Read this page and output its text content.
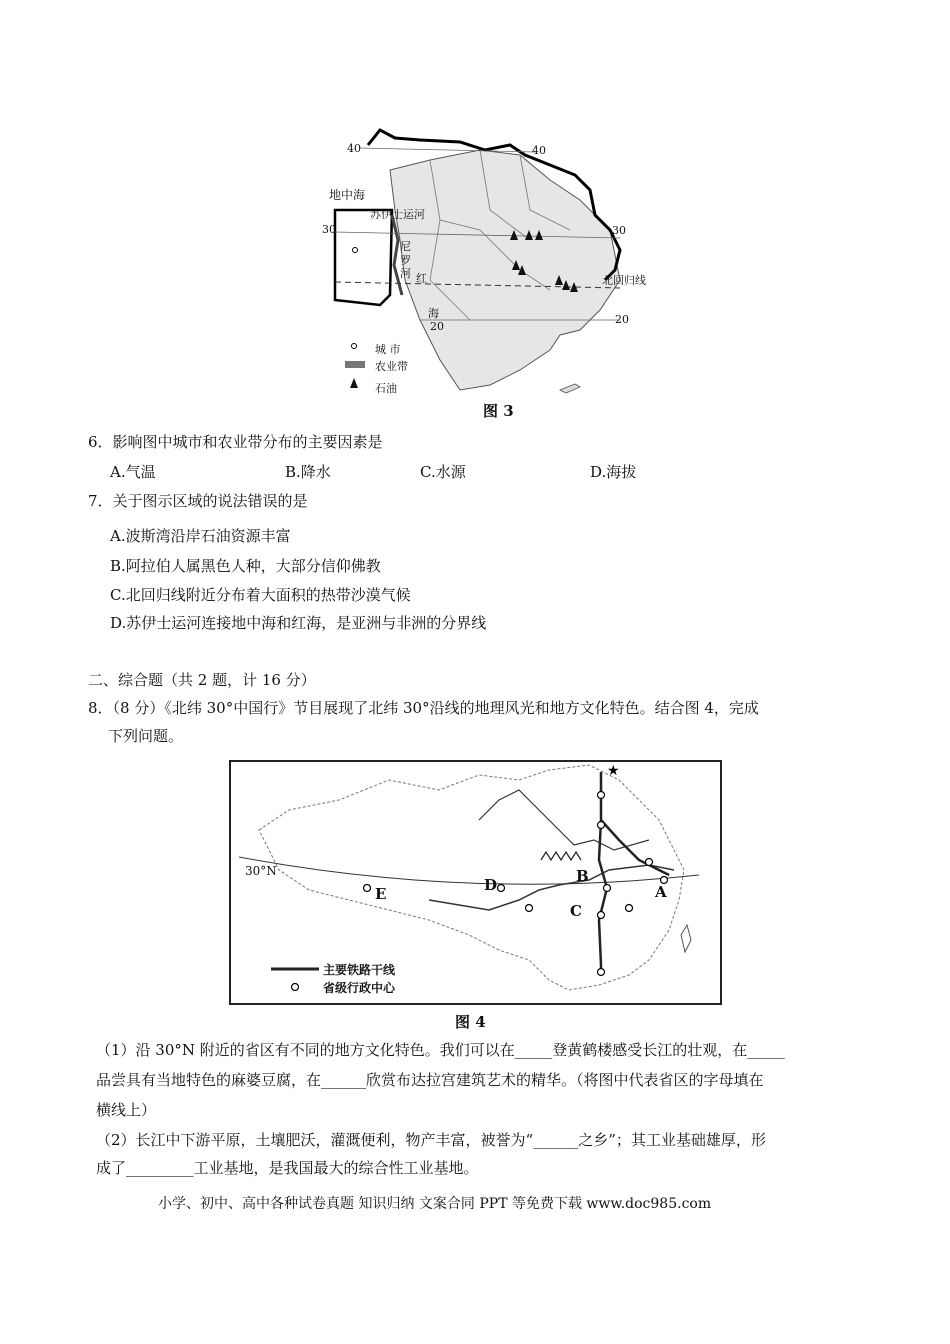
40	40
地中海
苏伊士运河
30	30
尼
罗
河 红
海
北回归线
20
20
城 市
农业带
石油
图 3
6．影响图中城市和农业带分布的主要因素是
A.气温	B.降水	C.水源	D.海拔
7．关于图示区域的说法错误的是
A.波斯湾沿岸石油资源丰富
B.阿拉伯人属黑色人种，大部分信仰佛教
C.北回归线附近分布着大面积的热带沙漠气候
D.苏伊士运河连接地中海和红海，是亚洲与非洲的分界线
二、综合题（共 2 题，计 16 分）
8．（8 分）《北纬 30°中国行》节目展现了北纬 30°沿线的地理风光和地方文化特色。结合图 4，完成
下列问题。
★
30°N
A
B
C
D
E
主要铁路干线
省级行政中心
图 4
（1）沿 30°N 附近的省区有不同的地方文化特色。我们可以在_____登黄鹤楼感受长江的壮观，在_____
品尝具有当地特色的麻婆豆腐，在______欣赏布达拉宫建筑艺术的精华。（将图中代表省区的字母填在
横线上）
（2）长江中下游平原，土壤肥沃，灌溉便利，物产丰富，被誉为“______之乡”；其工业基础雄厚，形
成了_________工业基地，是我国最大的综合性工业基地。
小学、初中、高中各种试卷真题 知识归纳 文案合同 PPT 等免费下载 www.doc985.com
